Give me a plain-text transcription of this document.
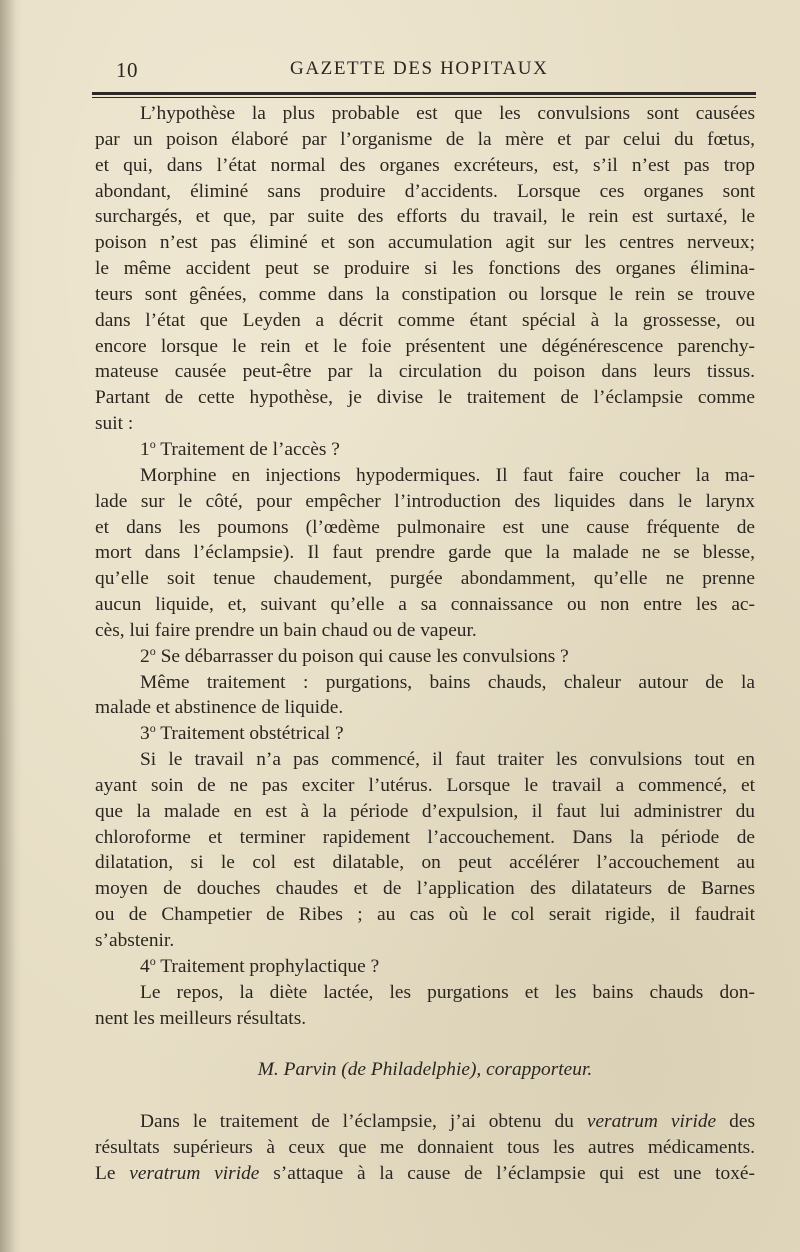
10	GAZETTE DES HOPITAUX
L’hypothèse la plus probable est que les convulsions sont causées
par un poison élaboré par l’organisme de la mère et par celui du fœtus,
et qui, dans l’état normal des organes excréteurs, est, s’il n’est pas trop
abondant, éliminé sans produire d’accidents. Lorsque ces organes sont
surchargés, et que, par suite des efforts du travail, le rein est surtaxé, le
poison n’est pas éliminé et son accumulation agit sur les centres nerveux;
le même accident peut se produire si les fonctions des organes élimina-
teurs sont gênées, comme dans la constipation ou lorsque le rein se trouve
dans l’état que Leyden a décrit comme étant spécial à la grossesse, ou
encore lorsque le rein et le foie présentent une dégénérescence parenchy-
mateuse causée peut-être par la circulation du poison dans leurs tissus.
Partant de cette hypothèse, je divise le traitement de l’éclampsie comme
suit :
1$^o$ Traitement de l’accès ?
Morphine en injections hypodermiques. Il faut faire coucher la ma-
lade sur le côté, pour empêcher l’introduction des liquides dans le larynx
et dans les poumons (l’œdème pulmonaire est une cause fréquente de
mort dans l’éclampsie). Il faut prendre garde que la malade ne se blesse,
qu’elle soit tenue chaudement, purgée abondamment, qu’elle ne prenne
aucun liquide, et, suivant qu’elle a sa connaissance ou non entre les ac-
cès, lui faire prendre un bain chaud ou de vapeur.
2$^o$ Se débarrasser du poison qui cause les convulsions ?
Même traitement : purgations, bains chauds, chaleur autour de la
malade et abstinence de liquide.
3$^o$ Traitement obstétrical ?
Si le travail n’a pas commencé, il faut traiter les convulsions tout en
ayant soin de ne pas exciter l’utérus. Lorsque le travail a commencé, et
que la malade en est à la période d’expulsion, il faut lui administrer du
chloroforme et terminer rapidement l’accouchement. Dans la période de
dilatation, si le col est dilatable, on peut accélérer l’accouchement au
moyen de douches chaudes et de l’application des dilatateurs de Barnes
ou de Champetier de Ribes ; au cas où le col serait rigide, il faudrait
s’abstenir.
4$^o$ Traitement prophylactique ?
Le repos, la diète lactée, les purgations et les bains chauds don-
nent les meilleurs résultats.
M. Parvin (de Philadelphie), corapporteur.
Dans le traitement de l’éclampsie, j’ai obtenu du veratrum viride des
résultats supérieurs à ceux que me donnaient tous les autres médicaments.
Le veratrum viride s’attaque à la cause de l’éclampsie qui est une toxé-
